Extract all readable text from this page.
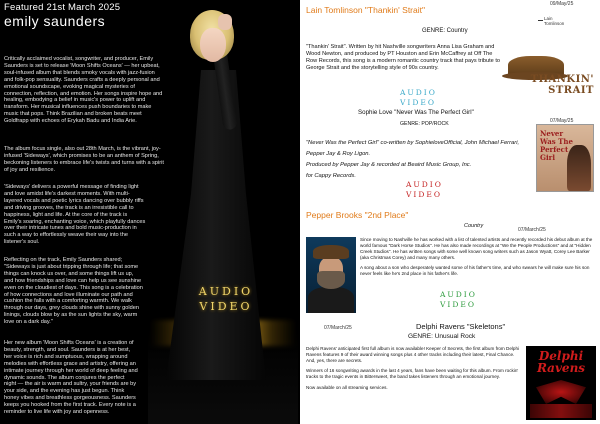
Featured 21st March 2025
emily saunders
Critically acclaimed vocalist, songwriter, and producer, Emily Saunders is set to release 'Moon Shifts Oceans' — her upbeat, soul-infused album that blends smoky vocals with jazz-fusion and folk-pop sensuality. Saunders crafts a deeply personal and emotional soundscape, evoking magical mysteries of connection, reflection, and emotion. Her songs inspire hope and healing, embodying a belief in music's power to uplift and transform. Her musical influences push boundaries to make music that pops. Think Brazilian and broken beats meet Goldfrapp with echoes of Erykah Badu and India Arie.
The album focus single, also out 28th March, is the vibrant, joy-infused 'Sideways', which promises to be an anthem of Spring, beckoning listeners to embrace life's twists and turns with a spirit of joy and resilience.
'Sideways' delivers a powerful message of finding light and love amidst life's darkest moments. With multi-layered vocals and poetic lyrics dancing over bubbly riffs and driving grooves, the track is an irresistible call to happiness, light and life. At the core of the track is Emily's soaring, enchanting voice, which playfully dances over their intricate tunes and bold music-production in such a way to effortlessly weave their way into the listener's soul.
Reflecting on the track, Emily Saunders shared; "Sideways is just about tripping through life; that some things can knock us over, and some things lift us up, and how friendships and love can help us see sunshine even on the cloudiest of days. This song is a celebration of how connections and love illuminate our path and cushion the falls with a comforting warmth. We walk through our days, grey clouds shine with sunny golden linings, clouds blow by as the sun lights the sky, warm love on a dark day."
Her new album 'Moon Shifts Oceans' is a creation of beauty, strength, and soul. Saunders is at her best, her voice is rich and sumptuous, wrapping around melodies with effortless grace and artistry, offering an intimate journey through her world of deep feeling and dynamic sounds. The album conjures the perfect night — the air is warm and sultry, your friends are by your side, and the evening has just begun. Think honey vibes and breathless gorgeousness. Saunders keeps you hooked from the first track. Every note is a reminder to live life with joy and openness.
AUDIO
VIDEO
09/May/25
Lain Tomlinson "Thankin' Strait"
GENRE: Country
"Thankin' Strait". Written by hit Nashville songwriters Anna Lisa Graham and Wood Newton, and produced by PT Houston and Erin McCaffrey at Off The Row Records, this song is a modern romantic country track that pays tribute to George Strait and the storytelling style of 90s country.
AUDIO
VIDEO
Lain
Tomlinson
THANKIN'
STRAIT
Sophie Love "Never Was The Perfect Girl"
GENRE: POP/ROCK	07/May/25
"Never Was the Perfect Girl" co-written by SophieloveOfficial, John Michael Ferrari, Pepper Jay & Roy Ligon.
Produced by Pepper Jay & recorded at Beaird Music Group, Inc.
for Cappy Records.
AUDIO
VIDEO
Never Was The Perfect Girl
Pepper Brooks "2nd Place"
Country
07/March/25
Since moving to Nashville he has worked with a list of talented artists and recently recorded his debut album at the world famous "Dark Horse Studios". He has also made recordings at "We the People Productions" and at "Hidden Creek Studios". He has written songs with some well known song writers such as Jason Wyatt, Corey Lee Barker (aka Christmas Corey) and many many others.
A song about a son who desperately wanted some of his father's time, and who swears he will make sure his son never feels like he's 2nd place in his father's life.
AUDIO
VIDEO
07/March/25	Delphi Ravens "Skeletons"
GENRE: Unusual Rock
Delphi Ravens' anticipated first full album is now available! Keeper of Secrets, the first album from Delphi Ravens features 9 of their award winning songs plus 4 other tracks including their latest, Final Chance. And, yes, there are secrets.
Winners of 16 songwriting awards in the last 4 years, fans have been waiting for this album. From rockin' tracks to the tragic events in Bittersweet, the band takes listeners through an emotional journey.
Now available on all streaming services.
Delphi Ravens
